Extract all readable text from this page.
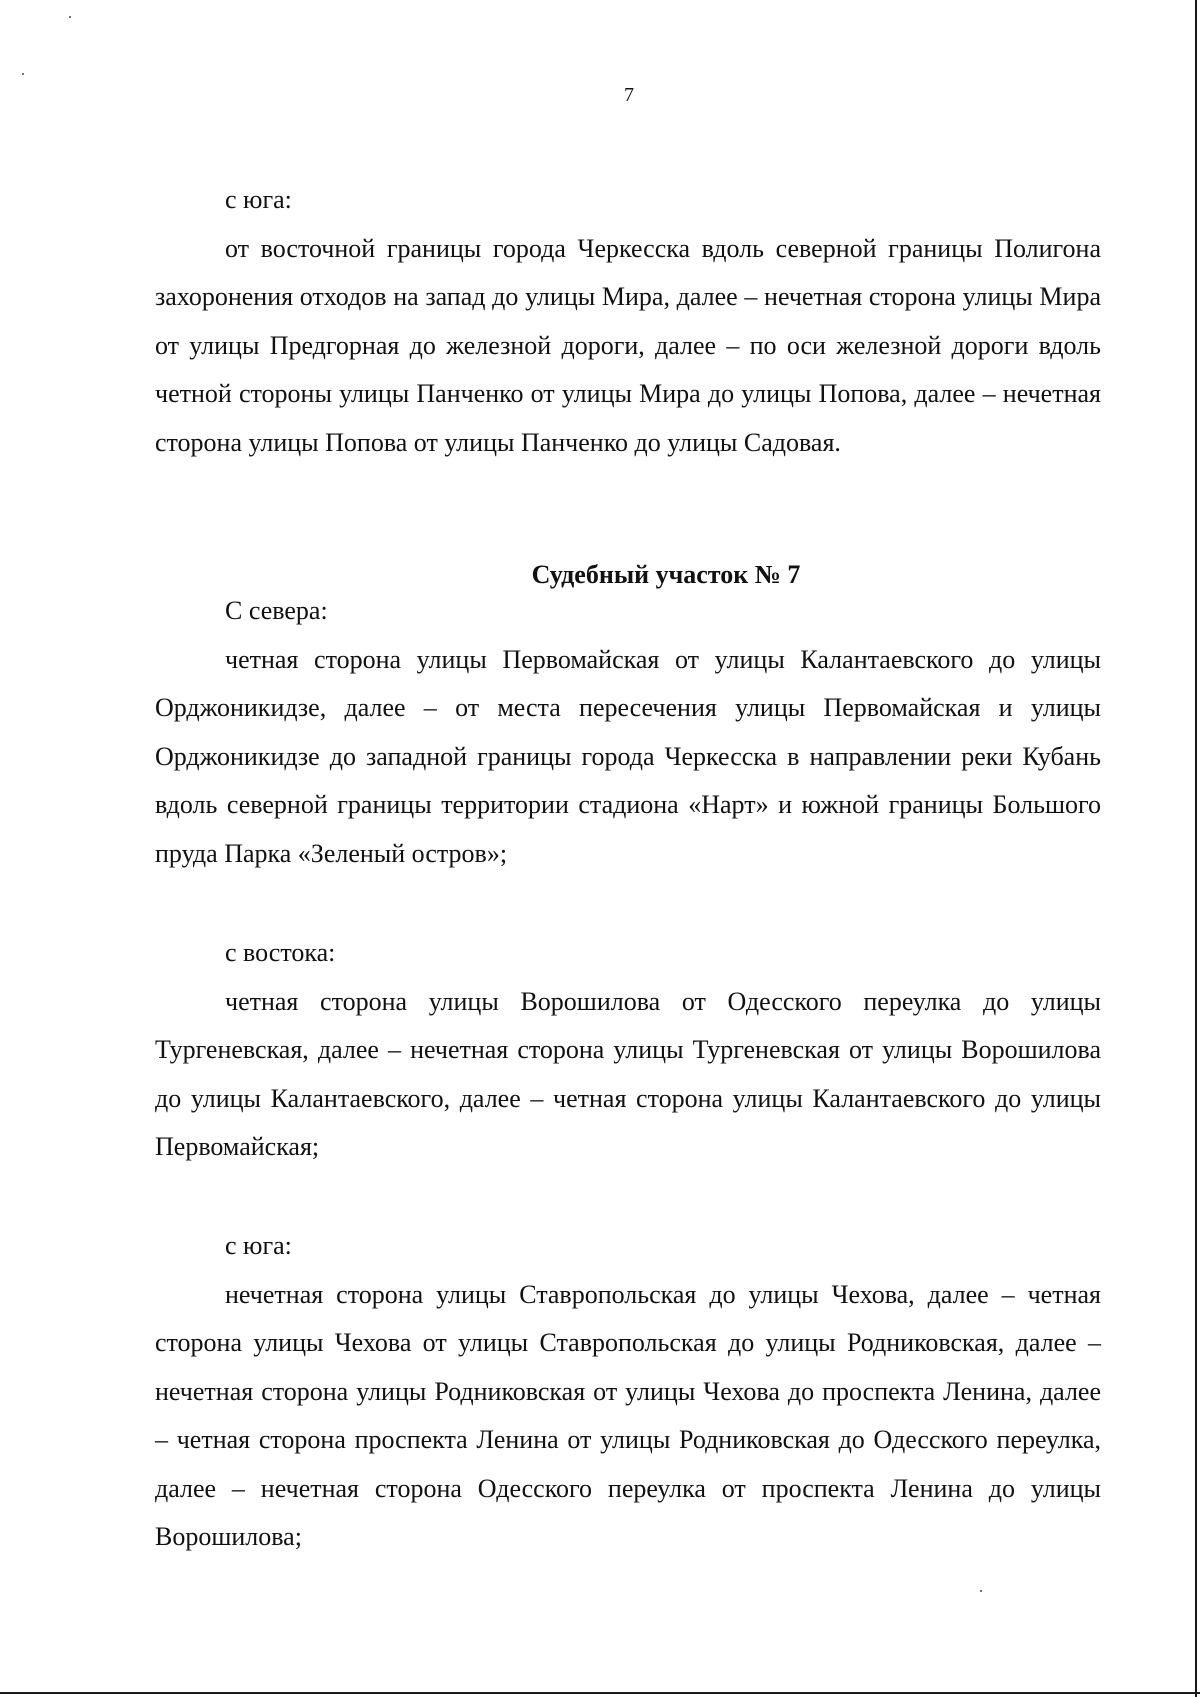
7

с юга:

от восточной границы города Черкесска вдоль северной границы Полигона захоронения отходов на запад до улицы Мира, далее – нечетная сторона улицы Мира от улицы Предгорная до железной дороги, далее – по оси железной дороги вдоль четной стороны улицы Панченко от улицы Мира до улицы Попова, далее – нечетная сторона улицы Попова от улицы Панченко до улицы Садовая.

Судебный участок № 7

С севера:

четная сторона улицы Первомайская от улицы Калантаевского до улицы Орджоникидзе, далее – от места пересечения улицы Первомайская и улицы Орджоникидзе до западной границы города Черкесска в направлении реки Кубань вдоль северной границы территории стадиона «Нарт» и южной границы Большого пруда Парка «Зеленый остров»;

с востока:

четная сторона улицы Ворошилова от Одесского переулка до улицы Тургеневская, далее – нечетная сторона улицы Тургеневская от улицы Ворошилова до улицы Калантаевского, далее – четная сторона улицы Калантаевского до улицы Первомайская;

с юга:

нечетная сторона улицы Ставропольская до улицы Чехова, далее – четная сторона улицы Чехова от улицы Ставропольская до улицы Родниковская, далее – нечетная сторона улицы Родниковская от улицы Чехова до проспекта Ленина, далее – четная сторона проспекта Ленина от улицы Родниковская до Одесского переулка, далее – нечетная сторона Одесского переулка от проспекта Ленина до улицы Ворошилова;
